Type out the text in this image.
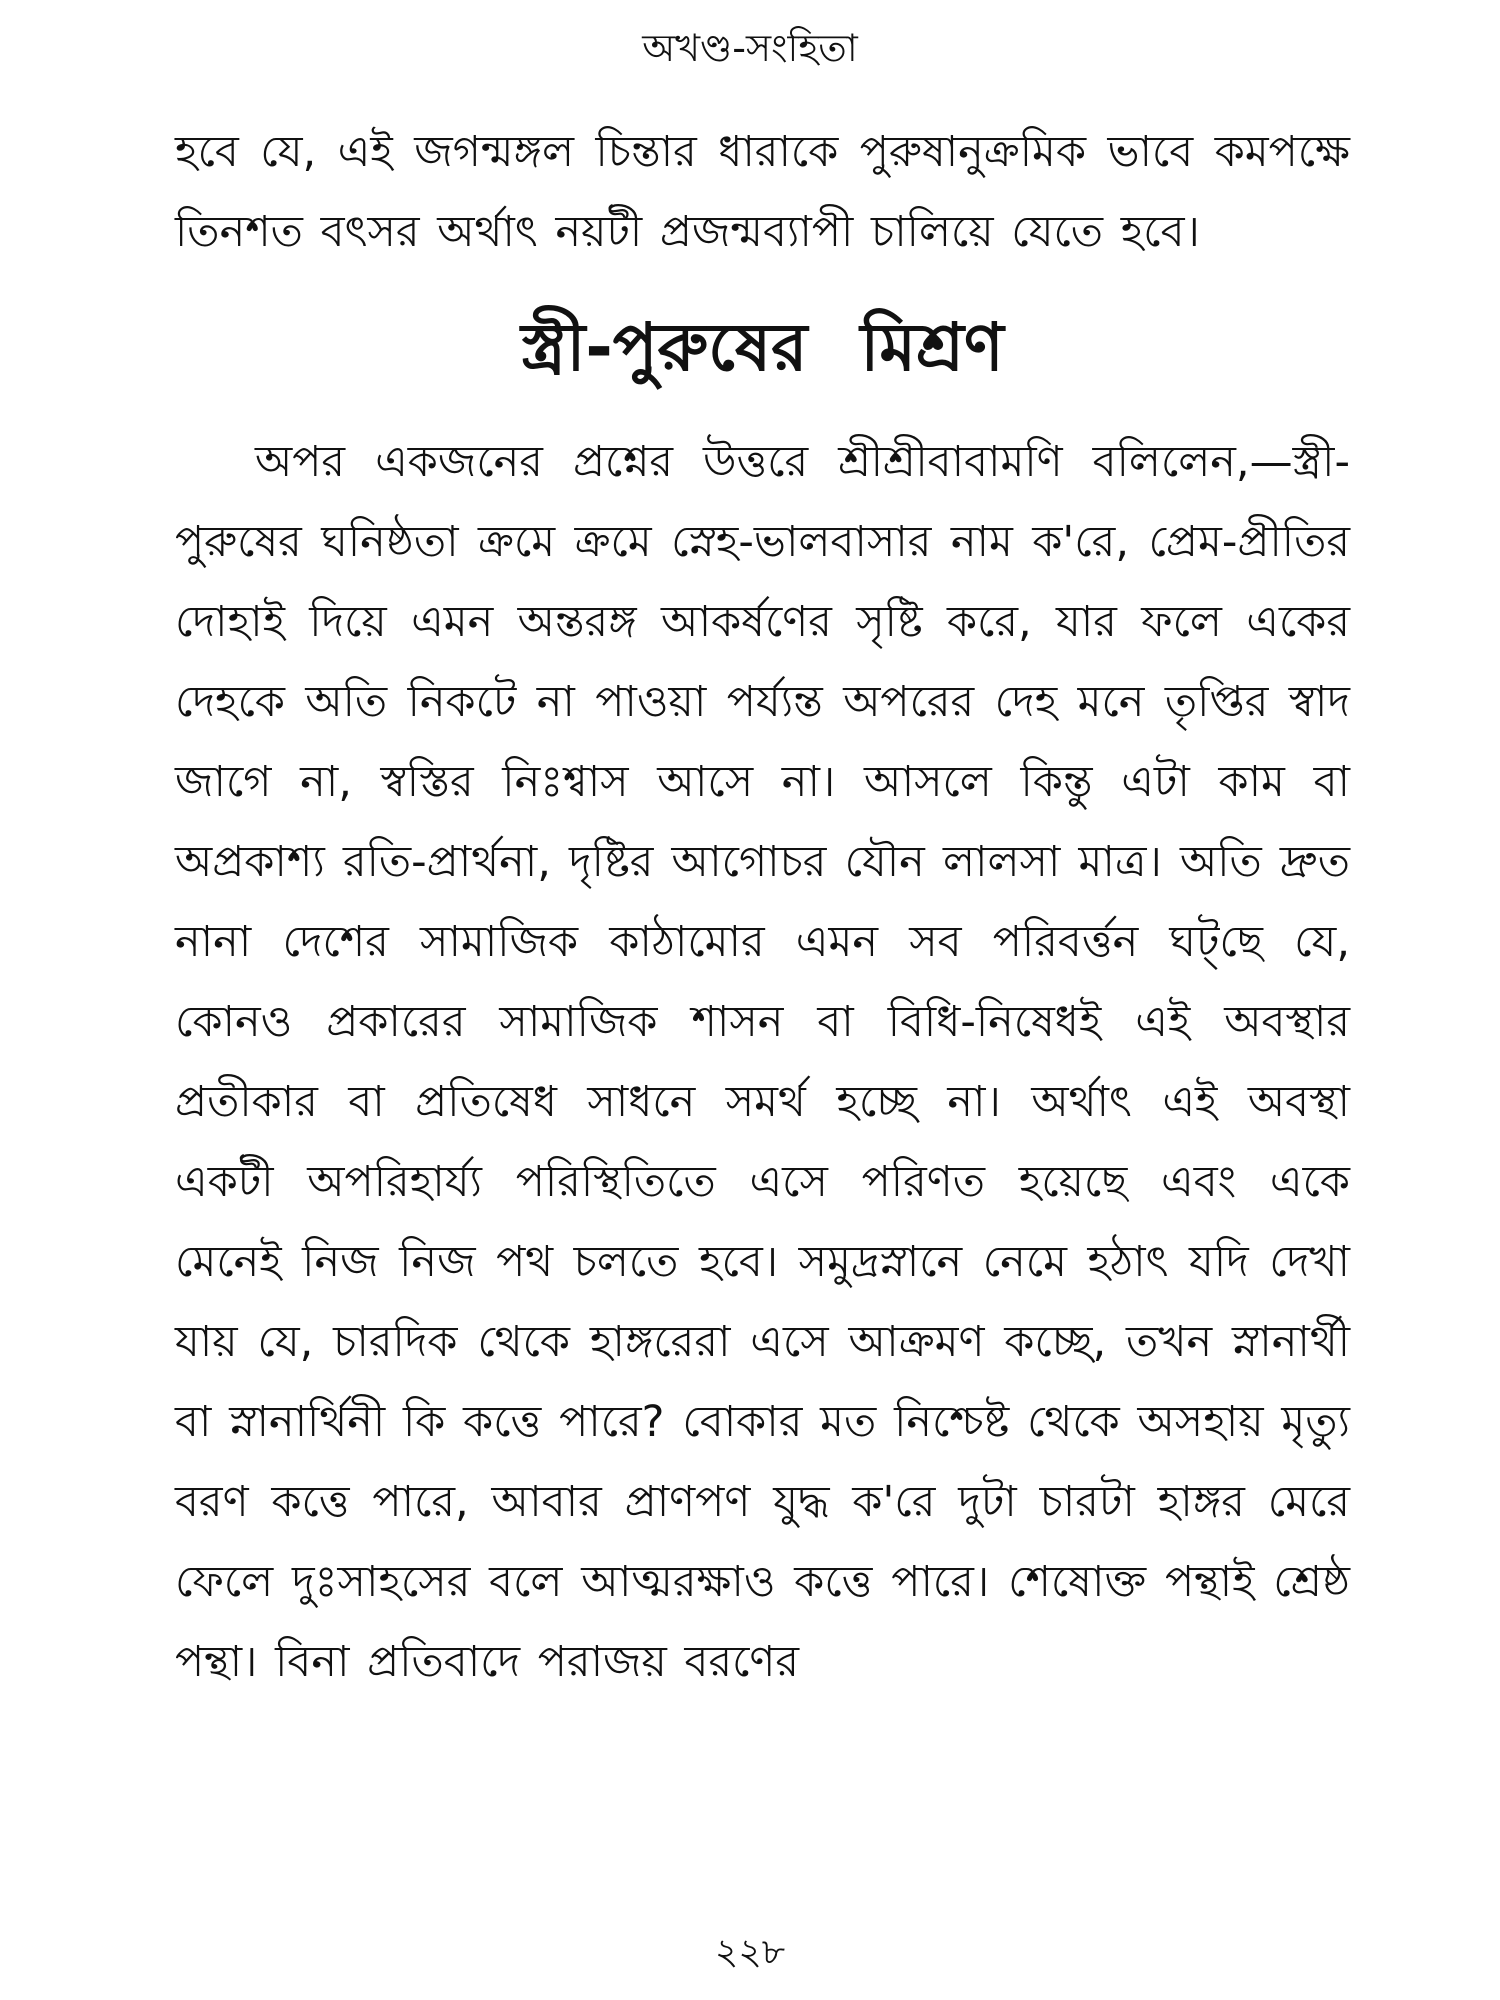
অখণ্ড-সংহিতা

হবে যে, এই জগন্মঙ্গল চিন্তার ধারাকে পুরুষানুক্রমিক ভাবে কমপক্ষে তিনশত বৎসর অর্থাৎ নয়টী প্রজন্মব্যাপী চালিয়ে যেতে হবে।

স্ত্রী-পুরুষের মিশ্রণ

অপর একজনের প্রশ্নের উত্তরে শ্রীশ্রীবাবামণি বলিলেন,—স্ত্রী-পুরুষের ঘনিষ্ঠতা ক্রমে ক্রমে স্নেহ-ভালবাসার নাম ক'রে, প্রেম-প্রীতির দোহাই দিয়ে এমন অন্তরঙ্গ আকর্ষণের সৃষ্টি করে, যার ফলে একের দেহকে অতি নিকটে না পাওয়া পর্য্যন্ত অপরের দেহ মনে তৃপ্তির স্বাদ জাগে না, স্বস্তির নিঃশ্বাস আসে না। আসলে কিন্তু এটা কাম বা অপ্রকাশ্য রতি-প্রার্থনা, দৃষ্টির আগোচর যৌন লালসা মাত্র। অতি দ্রুত নানা দেশের সামাজিক কাঠামোর এমন সব পরিবর্ত্তন ঘট্‌ছে যে, কোনও প্রকারের সামাজিক শাসন বা বিধি-নিষেধই এই অবস্থার প্রতীকার বা প্রতিষেধ সাধনে সমর্থ হচ্ছে না। অর্থাৎ এই অবস্থা একটী অপরিহার্য্য পরিস্থিতিতে এসে পরিণত হয়েছে এবং একে মেনেই নিজ নিজ পথ চলতে হবে। সমুদ্রস্নানে নেমে হঠাৎ যদি দেখা যায় যে, চারদিক থেকে হাঙ্গরেরা এসে আক্রমণ কচ্ছে, তখন স্নানার্থী বা স্নানার্থিনী কি কত্তে পারে? বোকার মত নিশ্চেষ্ট থেকে অসহায় মৃত্যু বরণ কত্তে পারে, আবার প্রাণপণ যুদ্ধ ক'রে দুটা চারটা হাঙ্গর মেরে ফেলে দুঃসাহসের বলে আত্মরক্ষাও কত্তে পারে। শেষোক্ত পন্থাই শ্রেষ্ঠ পন্থা। বিনা প্রতিবাদে পরাজয় বরণের

২২৮
